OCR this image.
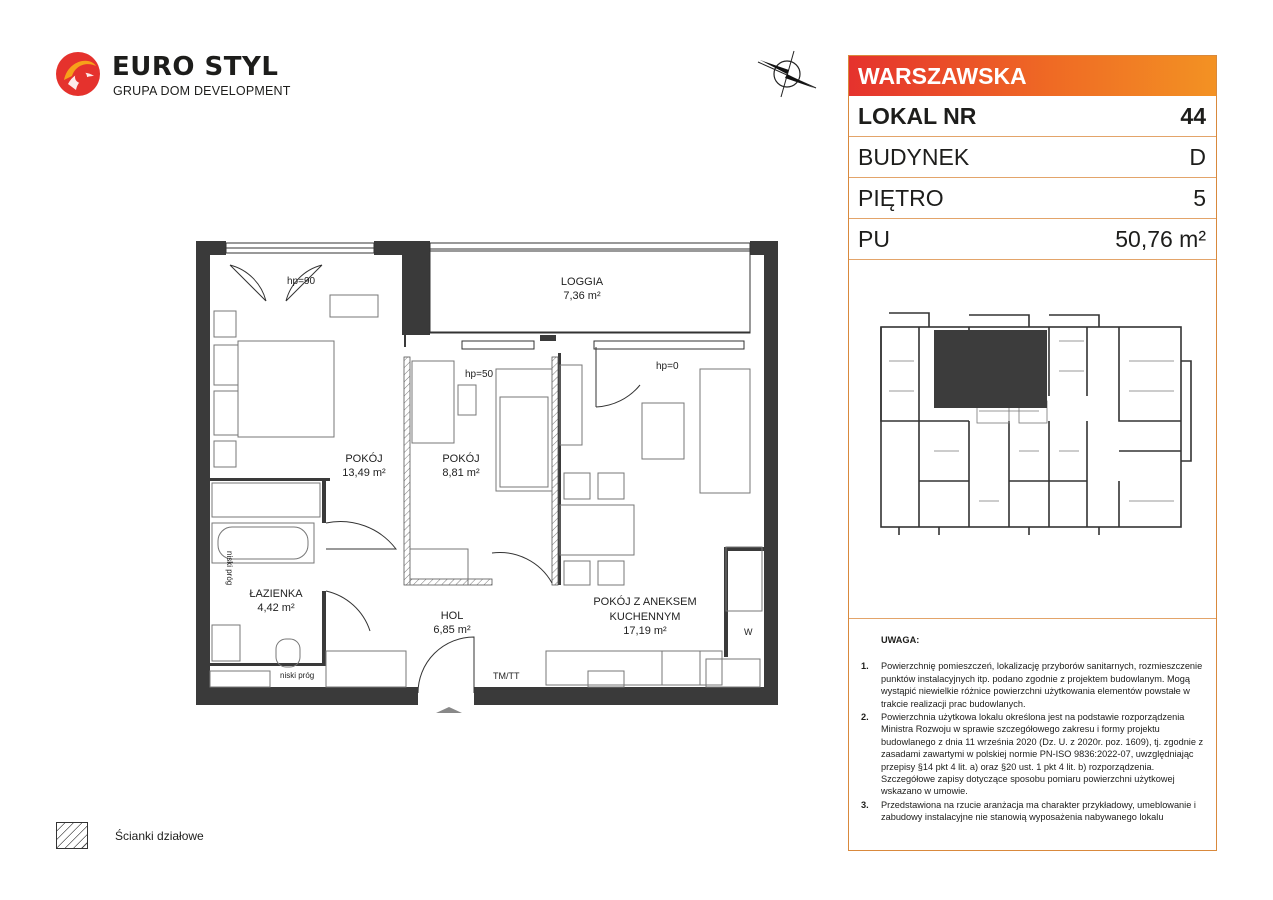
EURO STYL
GRUPA DOM DEVELOPMENT
WARSZAWSKA
LOKAL NR	44
BUDYNEK	D
PIĘTRO	5
PU	50,76 m²
UWAGA:
1. Powierzchnię pomieszczeń, lokalizację przyborów sanitarnych, rozmieszczenie punktów instalacyjnych itp. podano zgodnie z projektem budowlanym. Mogą wystąpić niewielkie różnice powierzchni użytkowania elementów powstałe w trakcie realizacji prac budowlanych.
2. Powierzchnia użytkowa lokalu określona jest na podstawie rozporządzenia Ministra Rozwoju w sprawie szczegółowego zakresu i formy projektu budowlanego z dnia 11 września 2020 (Dz. U. z 2020r. poz. 1609), tj. zgodnie z zasadami zawartymi w polskiej normie PN-ISO 9836:2022-07, uwzględniając przepisy §14 pkt 4 lit. a) oraz §20 ust. 1 pkt 4 lit. b) rozporządzenia. Szczegółowe zapisy dotyczące sposobu pomiaru powierzchni użytkowej wskazano w umowie.
3. Przedstawiona na rzucie aranżacja ma charakter przykładowy, umeblowanie i zabudowy instalacyjne nie stanowią wyposażenia nabywanego lokalu
LOGGIA
7,36 m²
POKÓJ
13,49 m²
POKÓJ
8,81 m²
POKÓJ Z ANEKSEM
KUCHENNYM
17,19 m²
ŁAZIENKA
4,42 m²
HOL
6,85 m²
hp=90
hp=50
hp=0
niski próg
niski próg
TM/TT
W
Ścianki działowe
